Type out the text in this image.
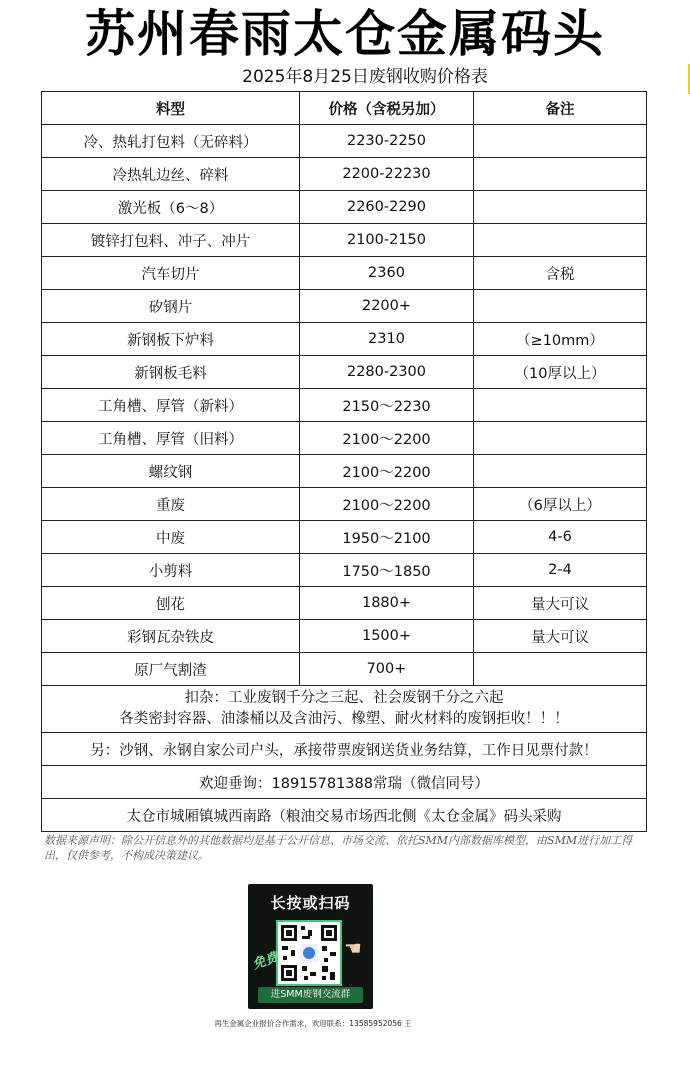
苏州春雨太仓金属码头
2025年8月25日废钢收购价格表
料型	价格（含税另加）	备注
冷、热轧打包料（无碎料）	2230-2250	
冷热轧边丝、碎料	2200-22230	
激光板（6～8）	2260-2290	
镀锌打包料、冲子、冲片	2100-2150	
汽车切片	2360	含税
矽钢片	2200+	
新钢板下炉料	2310	（≥10mm）
新钢板毛料	2280-2300	（10厚以上）
工角槽、厚管（新料）	2150～2230	
工角槽、厚管（旧料）	2100～2200	
螺纹钢	2100～2200	
重废	2100～2200	（6厚以上）
中废	1950～2100	4-6
小剪料	1750～1850	2-4
刨花	1880+	量大可议
彩钢瓦杂铁皮	1500+	量大可议
原厂气割渣	700+	

扣杂：工业废钢千分之三起、社会废钢千分之六起
各类密封容器、油漆桶以及含油污、橡塑、耐火材料的废钢拒收！！！		

另：沙钢、永钢自家公司户头，承接带票废钢送货业务结算，工作日见票付款！		
欢迎垂询：18915781388常瑞（微信同号）		
太仓市城厢镇城西南路（粮油交易市场西北侧《太仓金属》码头采购		
数据来源声明：除公开信息外的其他数据均是基于公开信息、市场交流、依托SMM内部数据库模型，由SMM进行加工得出，仅供参考，不构成决策建议。
长按或扫码
免费
☚
进SMM废钢交流群
再生金属企业报价合作需求，欢迎联系：13585952056 王
